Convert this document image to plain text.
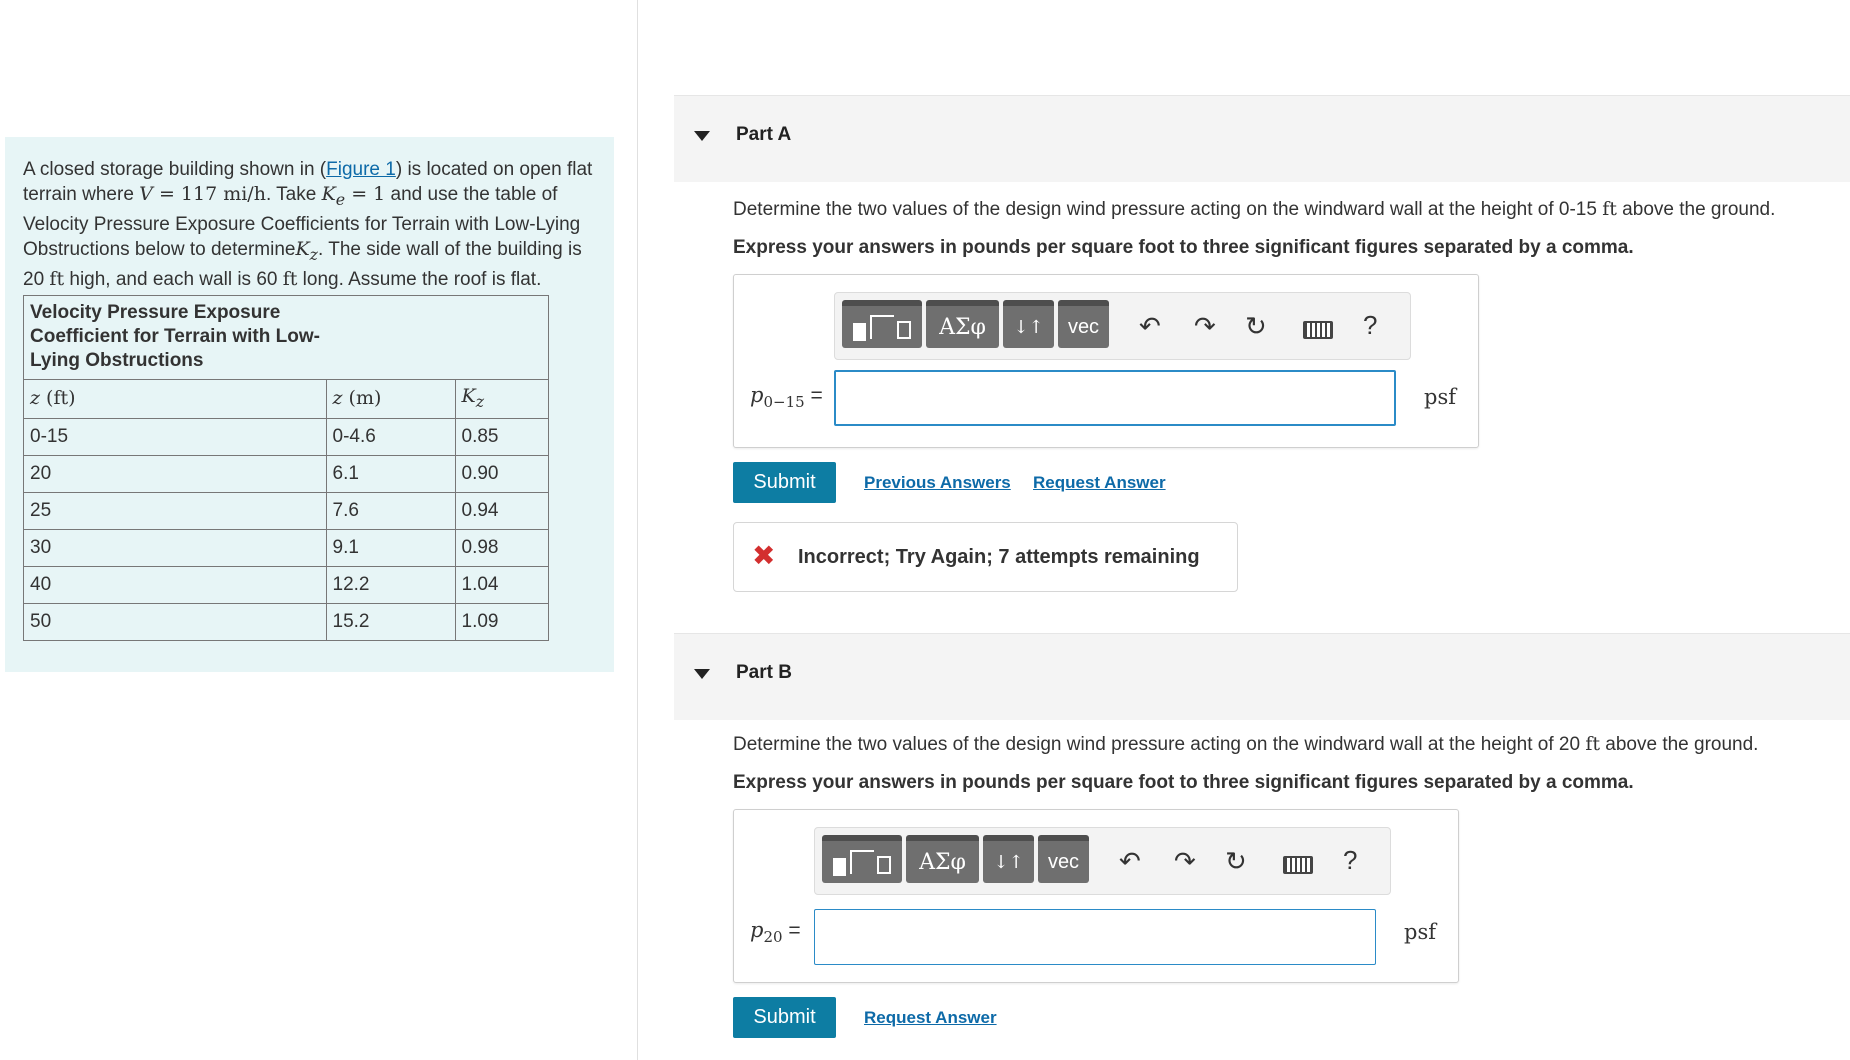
A closed storage building shown in (Figure 1) is located on open flat terrain where V = 117 mi/h. Take $K_e = 1$ and use the table of Velocity Pressure Exposure Coefficients for Terrain with Low-Lying Obstructions below to determineK$_z$. The side wall of the building is 20 ft high, and each wall is 60 ft long. Assume the roof is flat.
Velocity Pressure Exposure Coefficient for Terrain with Low-Lying Obstructions		

z (ft)	z (m)	$K_z$
0-15	0-4.6	0.85
20	6.1	0.90
25	7.6	0.94
30	9.1	0.98
40	12.2	1.04
50	15.2	1.09
Part A
Determine the two values of the design wind pressure acting on the windward wall at the height of 0-15 ft above the ground.
Express your answers in pounds per square foot to three significant figures separated by a comma.
ΑΣφ	↓↑	vec	↶ ↷ ↻	?
$p_{0-15}$ =	psf
Submit	Previous Answers Request Answer
✖ Incorrect; Try Again; 7 attempts remaining
Part B
Determine the two values of the design wind pressure acting on the windward wall at the height of 20 ft above the ground.
Express your answers in pounds per square foot to three significant figures separated by a comma.
ΑΣφ	↓↑	vec	↶ ↷ ↻	?
$p_{20}$ =	psf
Submit	Request Answer
